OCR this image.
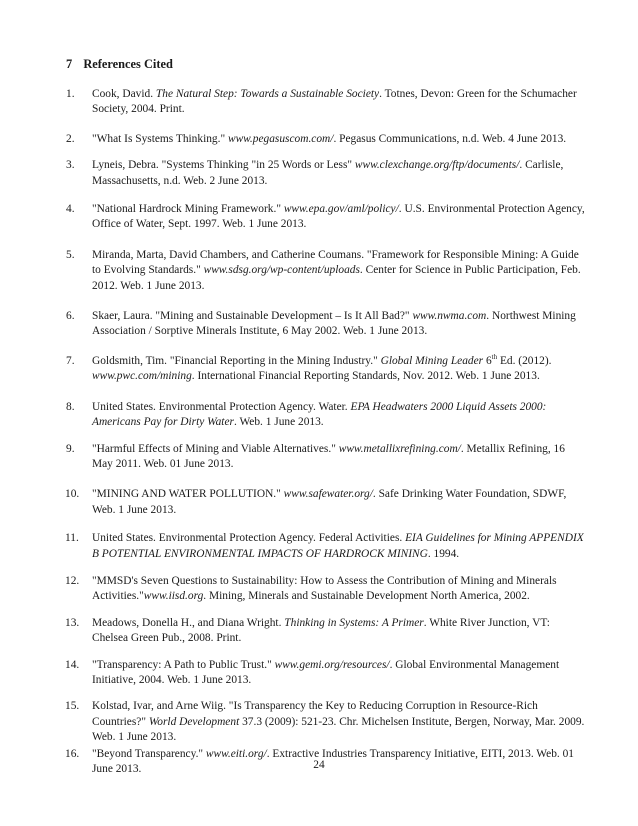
7 References Cited
1. Cook, David. The Natural Step: Towards a Sustainable Society. Totnes, Devon: Green for the Schumacher Society, 2004. Print.
2. "What Is Systems Thinking." www.pegasuscom.com/. Pegasus Communications, n.d. Web. 4 June 2013.
3. Lyneis, Debra. "Systems Thinking "in 25 Words or Less" www.clexchange.org/ftp/documents/. Carlisle, Massachusetts, n.d. Web. 2 June 2013.
4. "National Hardrock Mining Framework." www.epa.gov/aml/policy/. U.S. Environmental Protection Agency, Office of Water, Sept. 1997. Web. 1 June 2013.
5. Miranda, Marta, David Chambers, and Catherine Coumans. "Framework for Responsible Mining: A Guide to Evolving Standards." www.sdsg.org/wp-content/uploads. Center for Science in Public Participation, Feb. 2012. Web. 1 June 2013.
6. Skaer, Laura. "Mining and Sustainable Development – Is It All Bad?" www.nwma.com. Northwest Mining Association / Sorptive Minerals Institute, 6 May 2002. Web. 1 June 2013.
7. Goldsmith, Tim. "Financial Reporting in the Mining Industry." Global Mining Leader 6th Ed. (2012). www.pwc.com/mining. International Financial Reporting Standards, Nov. 2012. Web. 1 June 2013.
8. United States. Environmental Protection Agency. Water. EPA Headwaters 2000 Liquid Assets 2000: Americans Pay for Dirty Water. Web. 1 June 2013.
9. "Harmful Effects of Mining and Viable Alternatives." www.metallixrefining.com/. Metallix Refining, 16 May 2011. Web. 01 June 2013.
10. "MINING AND WATER POLLUTION." www.safewater.org/. Safe Drinking Water Foundation, SDWF, Web. 1 June 2013.
11. United States. Environmental Protection Agency. Federal Activities. EIA Guidelines for Mining APPENDIX B POTENTIAL ENVIRONMENTAL IMPACTS OF HARDROCK MINING. 1994.
12. "MMSD's Seven Questions to Sustainability: How to Assess the Contribution of Mining and Minerals Activities."www.iisd.org. Mining, Minerals and Sustainable Development North America, 2002.
13. Meadows, Donella H., and Diana Wright. Thinking in Systems: A Primer. White River Junction, VT: Chelsea Green Pub., 2008. Print.
14. "Transparency: A Path to Public Trust." www.gemi.org/resources/. Global Environmental Management Initiative, 2004. Web. 1 June 2013.
15. Kolstad, Ivar, and Arne Wiig. "Is Transparency the Key to Reducing Corruption in Resource-Rich Countries?" World Development 37.3 (2009): 521-23. Chr. Michelsen Institute, Bergen, Norway, Mar. 2009. Web. 1 June 2013.
16. "Beyond Transparency." www.eiti.org/. Extractive Industries Transparency Initiative, EITI, 2013. Web. 01 June 2013.	24
